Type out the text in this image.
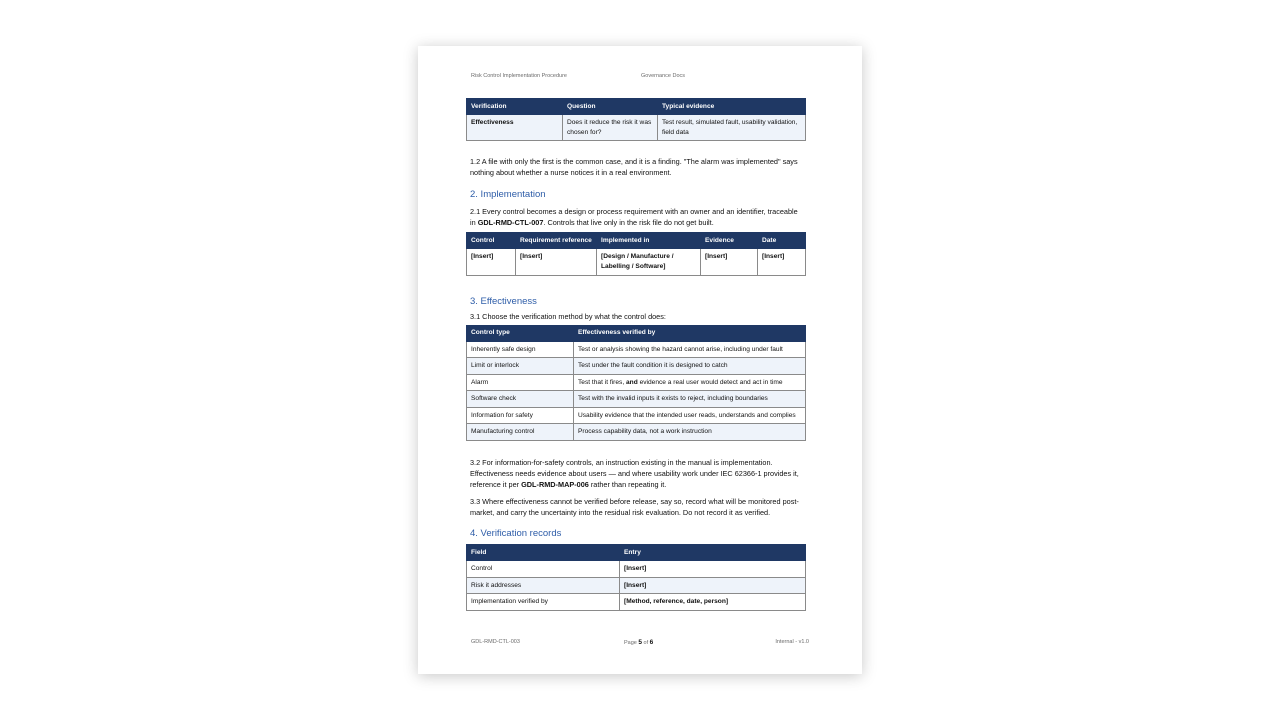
Risk Control Implementation Procedure	Governance Docs
Verification	Question	Typical evidence
Effectiveness	Does it reduce the risk it was chosen for?	Test result, simulated fault, usability validation, field data

1.2 A file with only the first is the common case, and it is a finding. "The alarm was implemented" says nothing about whether a nurse notices it in a real environment.

2. Implementation

2.1 Every control becomes a design or process requirement with an owner and an identifier, traceable in GDL-RMD-CTL-007. Controls that live only in the risk file do not get built.

Control	Requirement reference	Implemented in	Evidence	Date
[Insert]	[Insert]	[Design / Manufacture / Labelling / Software]	[Insert]	[Insert]
3. Effectiveness

3.1 Choose the verification method by what the control does:

Control type	Effectiveness verified by
Inherently safe design	Test or analysis showing the hazard cannot arise, including under fault
Limit or interlock	Test under the fault condition it is designed to catch
Alarm	Test that it fires, and evidence a real user would detect and act in time
Software check	Test with the invalid inputs it exists to reject, including boundaries
Information for safety	Usability evidence that the intended user reads, understands and complies
Manufacturing control	Process capability data, not a work instruction

3.2 For information-for-safety controls, an instruction existing in the manual is implementation. Effectiveness needs evidence about users — and where usability work under IEC 62366-1 provides it, reference it per GDL-RMD-MAP-006 rather than repeating it.

3.3 Where effectiveness cannot be verified before release, say so, record what will be monitored post-market, and carry the uncertainty into the residual risk evaluation. Do not record it as verified.

4. Verification records
Field	Entry
Control	[Insert]
Risk it addresses	[Insert]
Implementation verified by	[Method, reference, date, person]
GDL-RMD-CTL-003	Page 5 of 6	Internal - v1.0
